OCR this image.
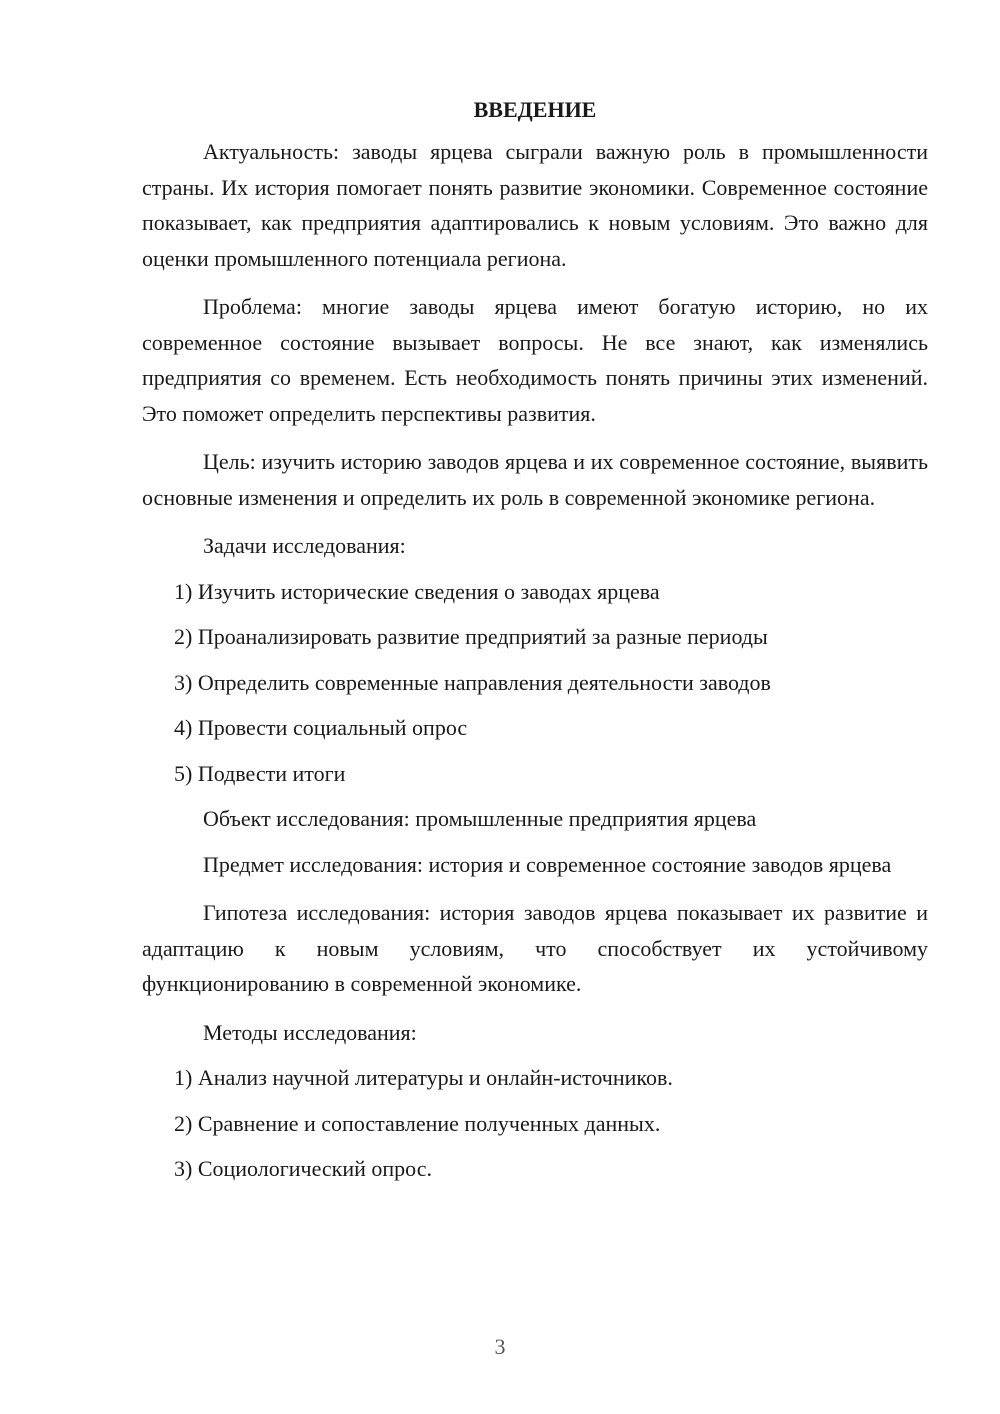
ВВЕДЕНИЕ

Актуальность: заводы ярцева сыграли важную роль в промышленности страны. Их история помогает понять развитие экономики. Современное состояние показывает, как предприятия адаптировались к новым условиям. Это важно для оценки промышленного потенциала региона.

Проблема: многие заводы ярцева имеют богатую историю, но их современное состояние вызывает вопросы. Не все знают, как изменялись предприятия со временем. Есть необходимость понять причины этих изменений. Это поможет определить перспективы развития.

Цель: изучить историю заводов ярцева и их современное состояние, выявить основные изменения и определить их роль в современной экономике региона.

Задачи исследования:

1) Изучить исторические сведения о заводах ярцева
2) Проанализировать развитие предприятий за разные периоды
3) Определить современные направления деятельности заводов
4) Провести социальный опрос
5) Подвести итоги

Объект исследования: промышленные предприятия ярцева

Предмет исследования: история и современное состояние заводов ярцева

Гипотеза исследования: история заводов ярцева показывает их развитие и адаптацию к новым условиям, что способствует их устойчивому функционированию в современной экономике.

Методы исследования:

1) Анализ научной литературы и онлайн-источников.
2) Сравнение и сопоставление полученных данных.
3) Социологический опрос.
3
